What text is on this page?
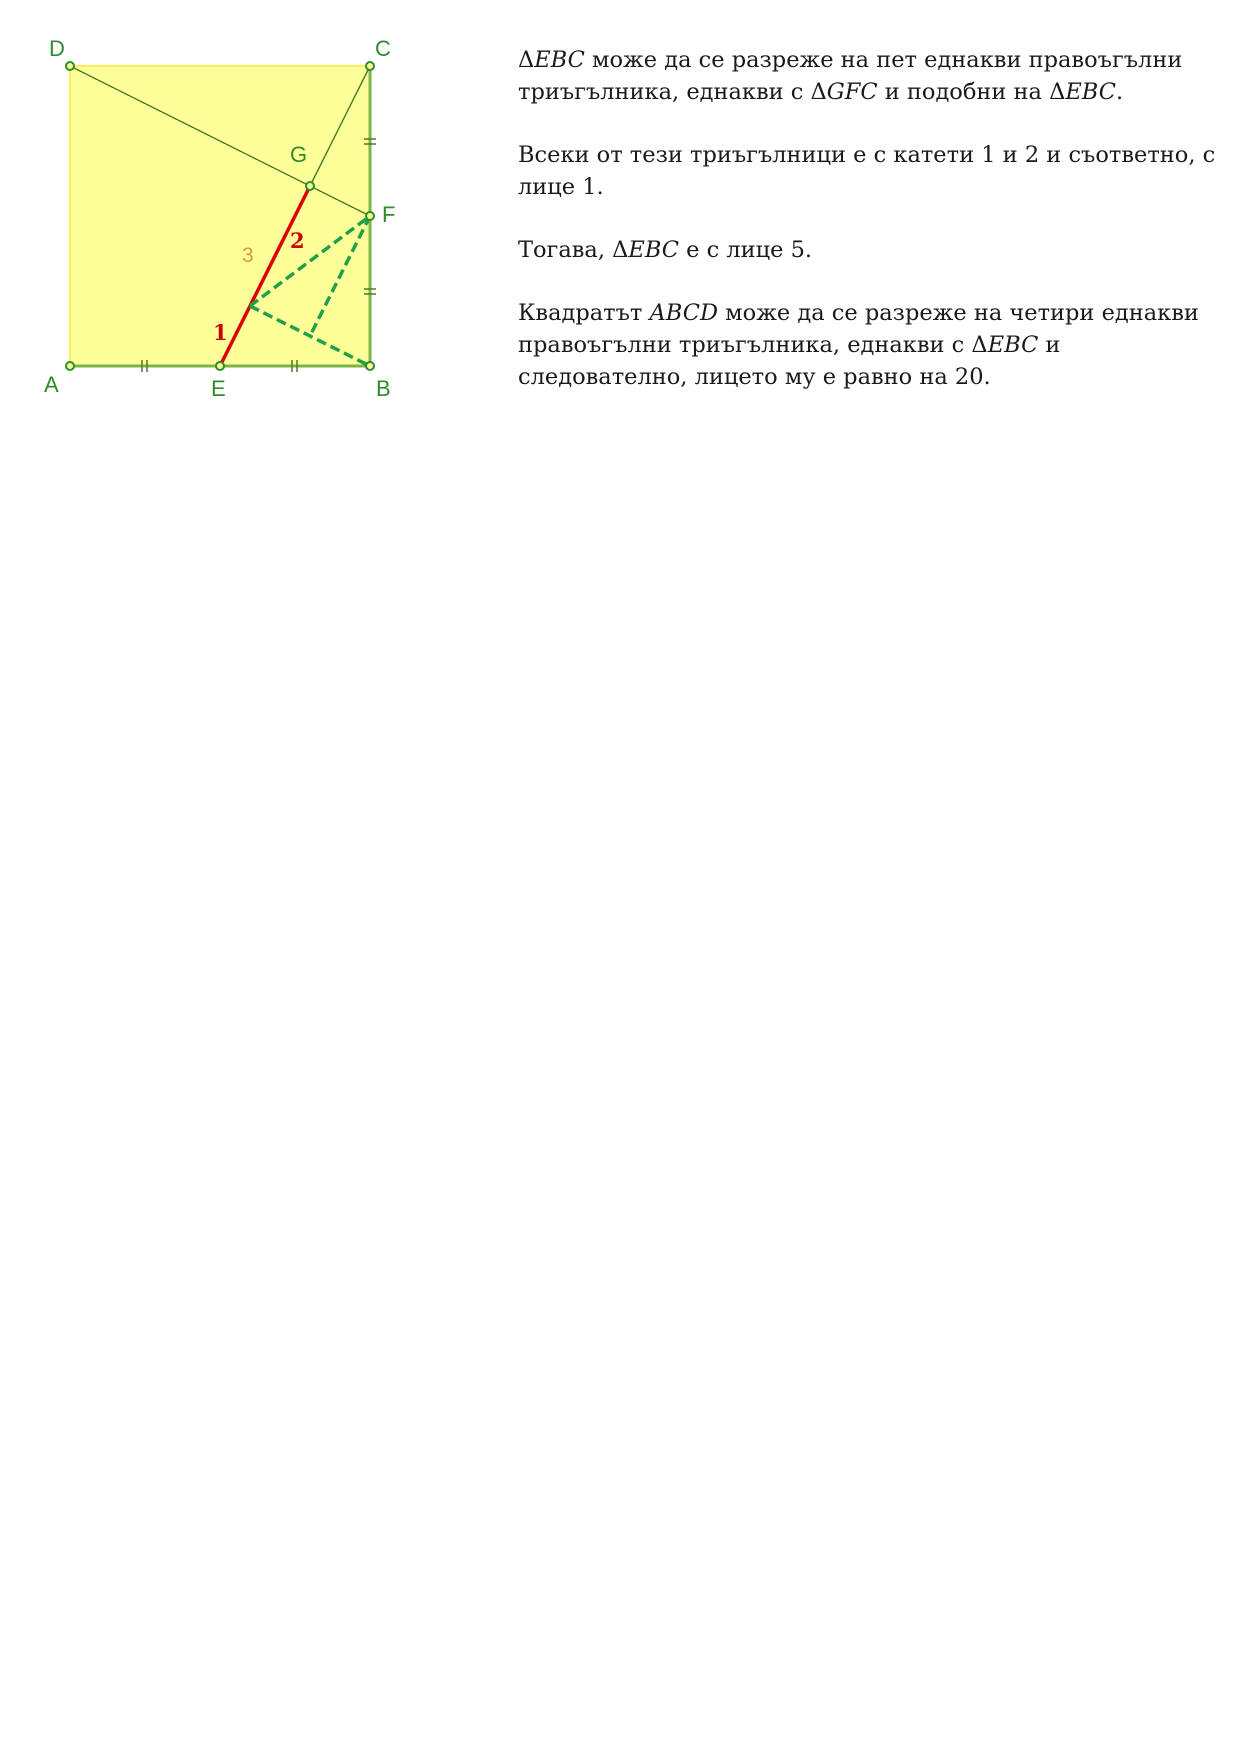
A	B
C
D
E
F
G
1
2
3

ΔEBC може да се разреже на пет еднакви правоъгълни триъгълника, еднакви с ΔGFC и подобни на ΔEBC.

Всеки от тези триъгълници е с катети 1 и 2 и съответно, с лице 1.

Тогава, ΔEBC е с лице 5.

Квадратът ABCD може да се разреже на четири еднакви правоъгълни триъгълника, еднакви с ΔEBC и следователно, лицето му е равно на 20.
